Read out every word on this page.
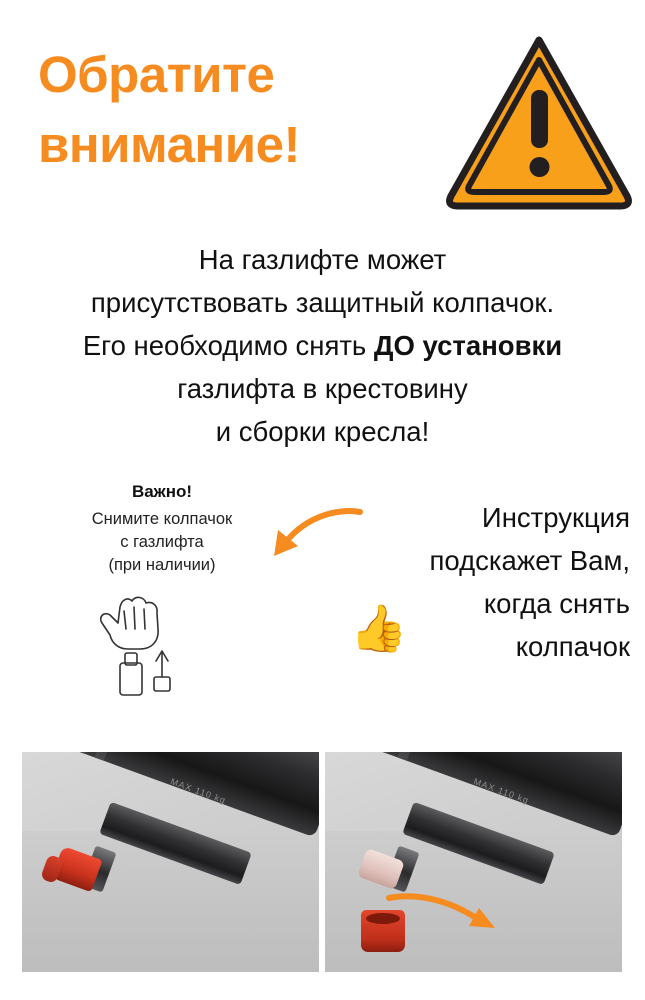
Обратите
внимание!
На газлифте может
присутствовать защитный колпачок.
Его необходимо снять ДО установки
газлифта в крестовину
и сборки кресла!
Важно!
Снимите колпачок
с газлифта
(при наличии)
Инструкция
подскажет Вам,
когда снять
колпачок
👍
MAX 110 kg	MAX 110 kg
